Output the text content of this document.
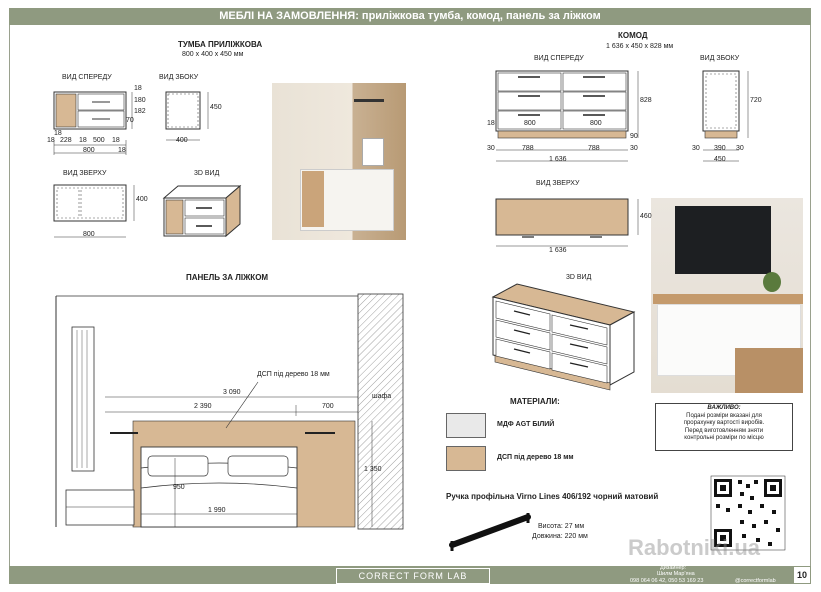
МЕБЛІ НА ЗАМОВЛЕННЯ: приліжкова тумба, комод, панель за ліжком
ТУМБА ПРИЛІЖКОВА
800 x 400 x 450 мм
ВИД СПЕРЕДУ	ВИД ЗБОКУ
ВИД ЗВЕРХУ	3D ВИД
18
18 228 18 500 18
800
180
182
70
18
450
400
400
18
800
КОМОД
1 636 x 450 x 828 мм
ВИД СПЕРЕДУ	ВИД ЗБОКУ
ВИД ЗВЕРХУ
3D ВИД
800	800
18
30	788	788	30
1 636
828
90
30 390 30
450
720
460
1 636
ПАНЕЛЬ ЗА ЛІЖКОМ
ДСП під дерево 18 мм
3 090
2 390	700
шафа
1 990
950
1 350
МАТЕРІАЛИ:
МДФ AGT БІЛИЙ
ДСП під дерево 18 мм
ВАЖЛИВО:
Подані розміри вказані для
прорахунку вартості виробів.
Перед виготовленням зняти
контрольні розміри по місцю
Ручка профільна Virno Lines 406/192 чорний матовий
Висота: 27 мм
Довжина: 220 мм Rabotniki.ua
CORRECT FORM LAB
Дизайнер:
Шилм Марʼяна
098 064 06 42, 050 53 169 23	@correctformlab
10
